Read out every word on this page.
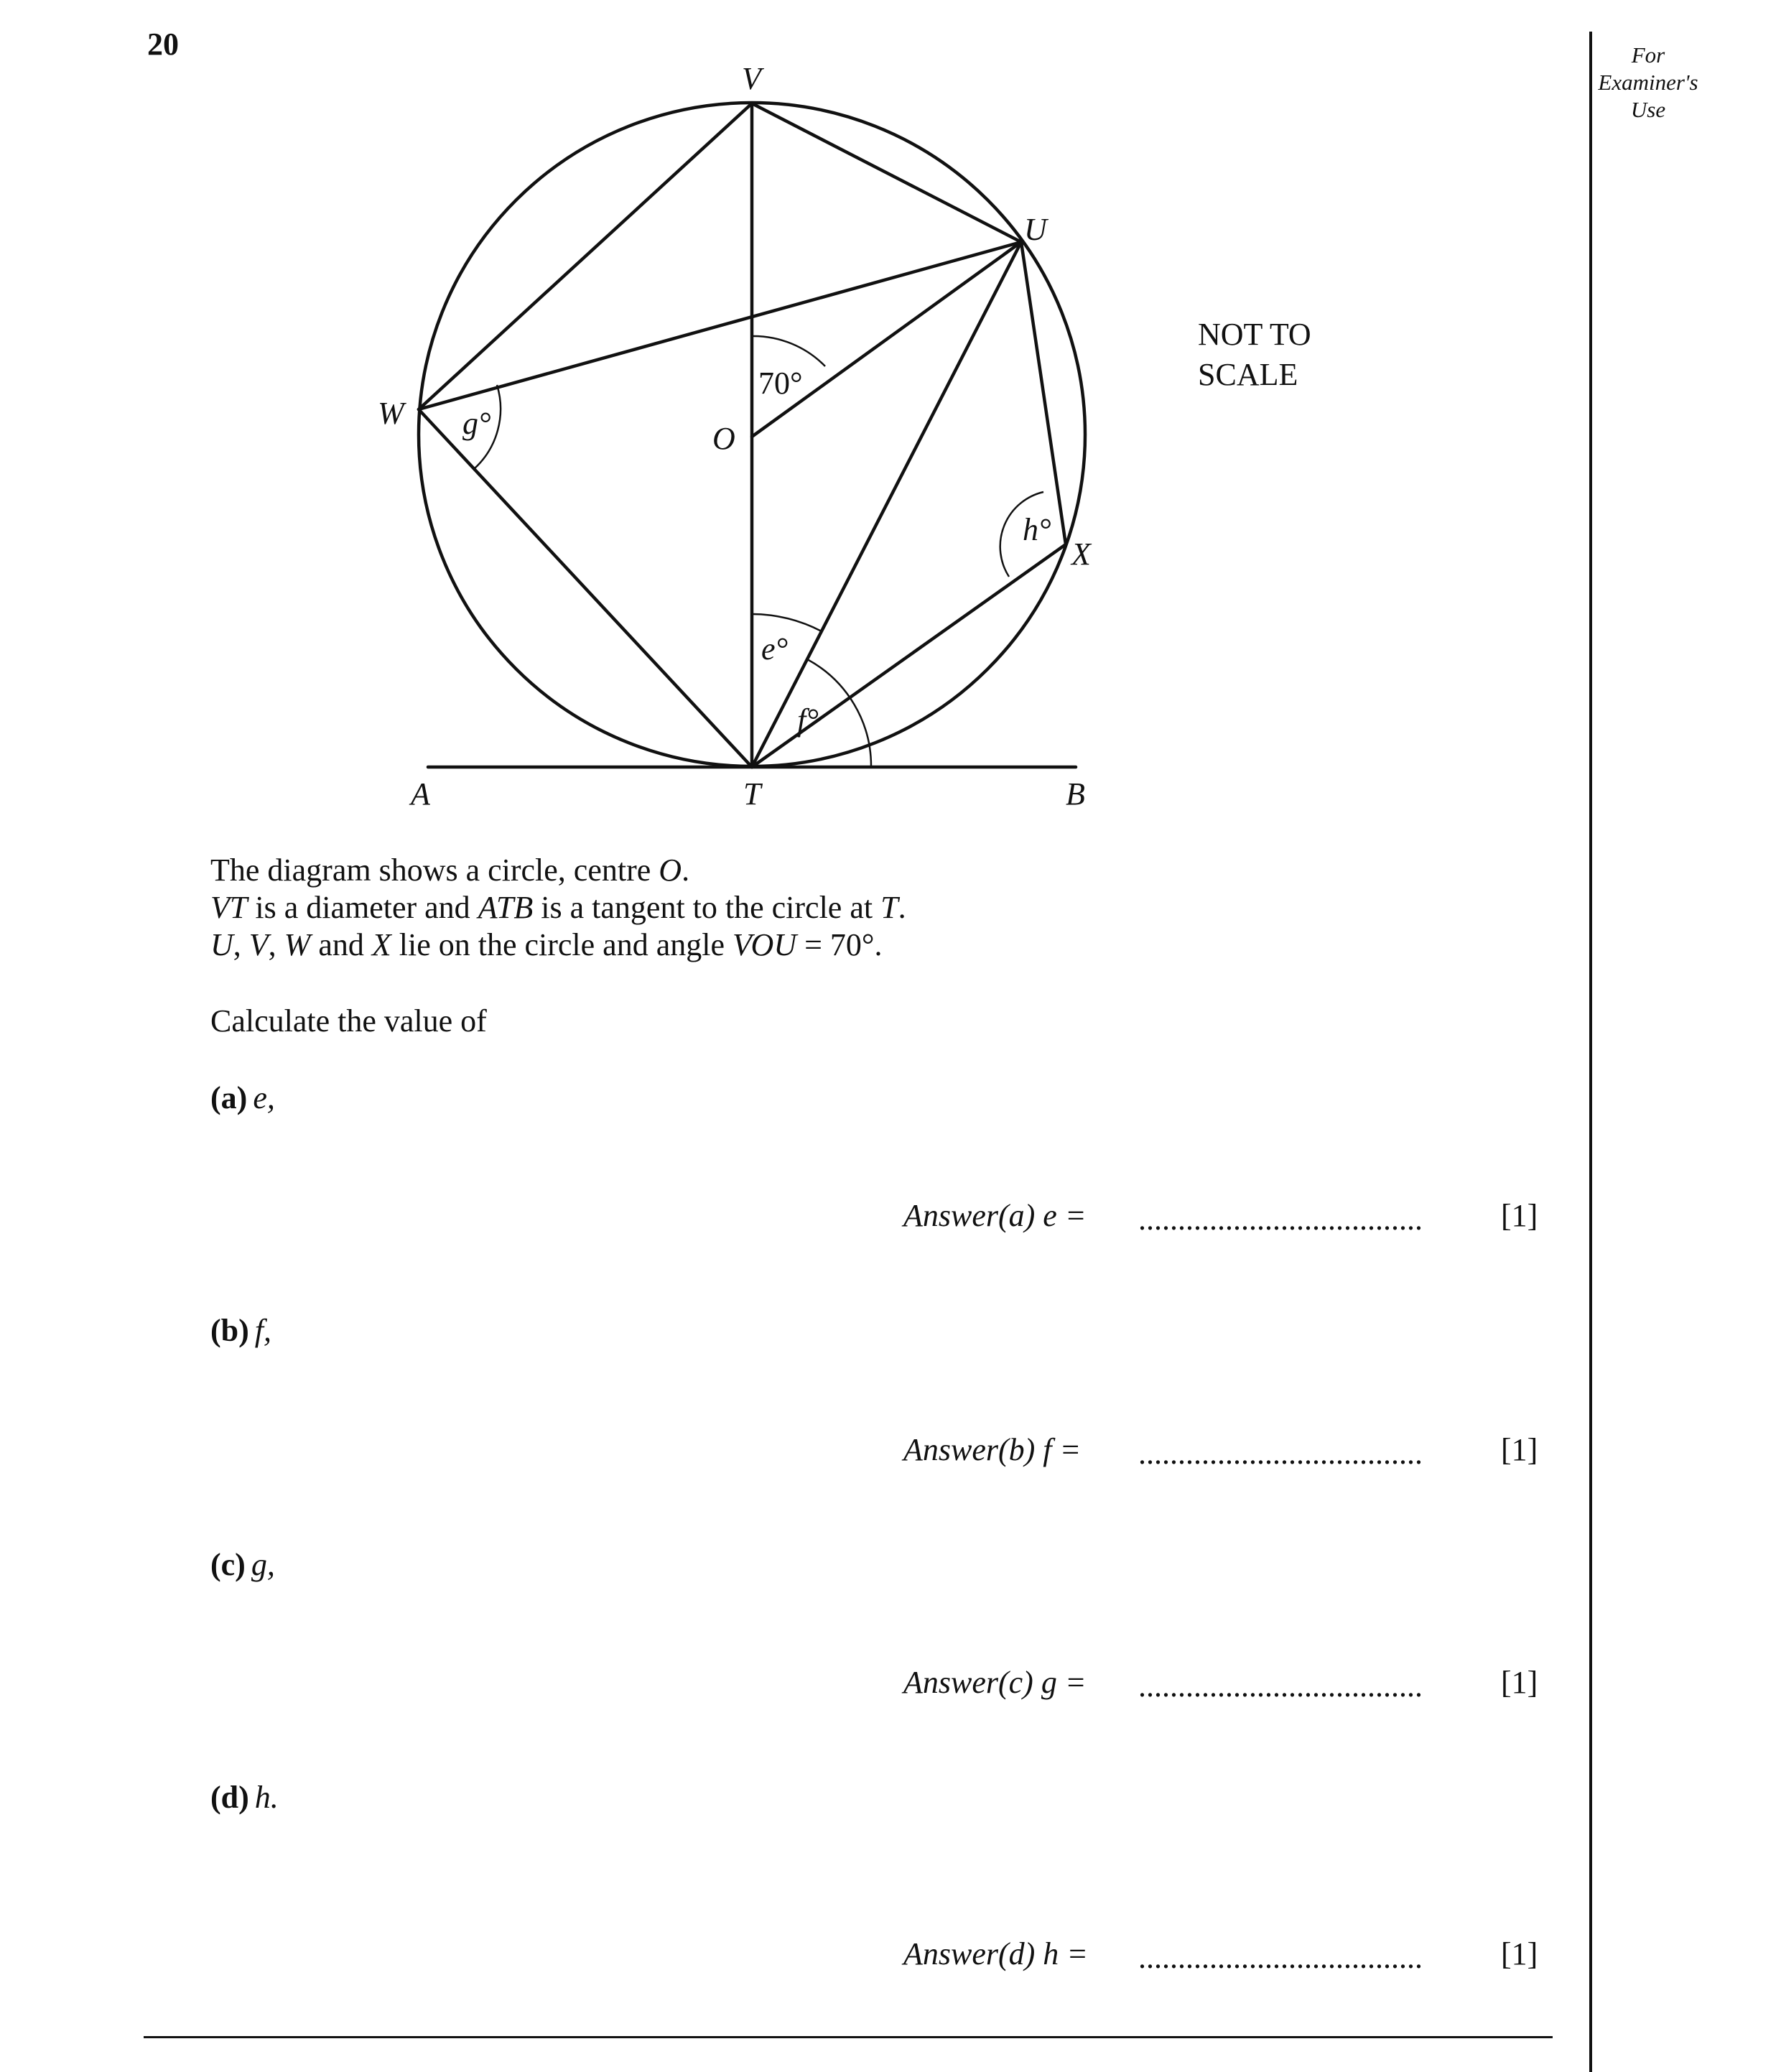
20	For Examiner's Use
V
U
W
O
X
A	T	B
70°
g°
h°
e°
f°
NOT TO
SCALE
The diagram shows a circle, centre O.
VT is a diameter and ATB is a tangent to the circle at T.
U, V, W and X lie on the circle and angle VOU = 70°.
Calculate the value of
(a) e,
Answer(a) e = .................................... [1]
(b) f,
Answer(b) f = .................................... [1]
(c) g,
Answer(c) g = .................................... [1]
(d) h.
Answer(d) h = .................................... [1]
